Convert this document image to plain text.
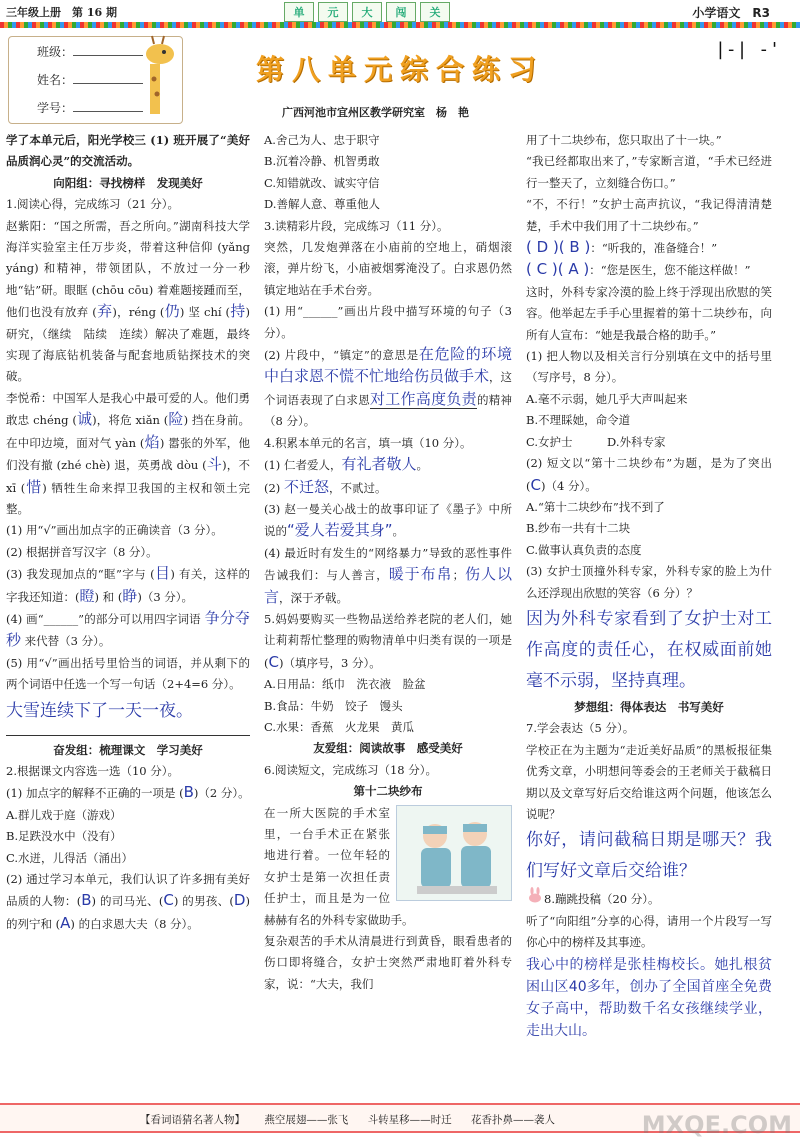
三年级上册　第 16 期	单	元	大	闯	关	小学语文　R3
班级：
姓名：
学号：
第八单元综合练习
广西河池市宜州区教学研究室　杨　艳
|-| -'

学了本单元后，阳光学校三 (1) 班开展了“美好品质润心灵”的交流活动。

向阳组：寻找榜样　发现美好

1.阅读心得，完成练习（21 分）。

赵紫阳：“国之所需，吾之所向。”湖南科技大学海洋实验室主任万步炎，带着这种信仰 (yǎng yáng) 和精神，带领团队，不放过一分一秒地“钻”研。眼眶 (chōu cōu) 着难题接踵而至，他们也没有放弃 (弃)，réng (仍) 坚 chí (持) 研究，（继续　陆续　连续）解决了难题，最终实现了海底钻机装备与配套地质钻探技术的突破。

李悦希：中国军人是我心中最可爱的人。他们勇敢忠 chéng (诚)，将危 xiǎn (险) 挡在身前。在中印边境，面对气 yàn (焰) 嚣张的外军，他们没有撤 (zhé chè) 退，英勇战 dòu (斗)，不 xī (惜) 牺牲生命来捍卫我国的主权和领土完整。

(1) 用“√”画出加点字的正确读音（3 分）。

(2) 根据拼音写汉字（8 分）。

(3) 我发现加点的“眶”字与 (目) 有关，这样的字我还知道：(瞪) 和 (睁)（3 分）。

(4) 画“______”的部分可以用四字词语 争分夺秒 来代替（3 分）。

(5) 用“√”画出括号里恰当的词语，并从剩下的两个词语中任选一个写一句话（2+4=6 分）。

大雪连续下了一天一夜。

奋发组：梳理课文　学习美好

2.根据课文内容选一选（10 分）。

(1) 加点字的解释不正确的一项是 (B)（2 分）。

A.群儿戏于庭（游戏）

B.足跌没水中（没有）

C.水迸，儿得活（涌出）

(2) 通过学习本单元，我们认识了许多拥有美好品质的人物：(B) 的司马光、(C) 的男孩、(D) 的列宁和 (A) 的白求恩大夫（8 分）。

A.舍己为人、忠于职守

B.沉着冷静、机智勇敢

C.知错就改、诚实守信

D.善解人意、尊重他人

3.读精彩片段，完成练习（11 分）。

突然，几发炮弹落在小庙前的空地上，硝烟滚滚，弹片纷飞，小庙被烟雾淹没了。白求恩仍然镇定地站在手术台旁。

(1) 用“______”画出片段中描写环境的句子（3 分）。

(2) 片段中，“镇定”的意思是在危险的环境中白求恩不慌不忙地给伤员做手术，这个词语表现了白求恩对工作高度负责的精神（8 分）。

4.积累本单元的名言，填一填（10 分）。

(1) 仁者爱人，有礼者敬人。

(2) 不迁怒，不贰过。

(3) 赵一曼关心战士的故事印证了《墨子》中所说的“爱人若爱其身”。

(4) 最近时有发生的“网络暴力”导致的恶性事件告诫我们：与人善言，暖于布帛；伤人以言，深于矛戟。

5.妈妈要购买一些物品送给养老院的老人们，她让莉莉帮忙整理的购物清单中归类有误的一项是 (C)（填序号，3 分）。

A.日用品：纸巾　洗衣液　脸盆

B.食品：牛奶　饺子　馒头

C.水果：香蕉　火龙果　黄瓜

友爱组：阅读故事　感受美好

6.阅读短文，完成练习（18 分）。

第十二块纱布

在一所大医院的手术室里，一台手术正在紧张地进行着。一位年轻的女护士是第一次担任责任护士，而且是为一位赫赫有名的外科专家做助手。

复杂艰苦的手术从清晨进行到黄昏，眼看患者的伤口即将缝合，女护士突然严肃地盯着外科专家，说：“大夫，我们

用了十二块纱布，您只取出了十一块。”

“我已经都取出来了，”专家断言道，“手术已经进行一整天了，立刻缝合伤口。”

“不，不行！”女护士高声抗议，“我记得清清楚楚，手术中我们用了十二块纱布。”

( D )( B )：“听我的，准备缝合！”

( C )( A )：“您是医生，您不能这样做！”

这时，外科专家冷漠的脸上终于浮现出欣慰的笑容。他举起左手手心里握着的第十二块纱布，向所有人宣布：“她是我最合格的助手。”

(1) 把人物以及相关言行分别填在文中的括号里（写序号，8 分）。

A.毫不示弱，她几乎大声叫起来

B.不理睬她，命令道

C.女护士　　　D.外科专家

(2) 短文以“第十二块纱布”为题，是为了突出 (C)（4 分）。

A.“第十二块纱布”找不到了

B.纱布一共有十二块

C.做事认真负责的态度

(3) 女护士顶撞外科专家，外科专家的脸上为什么还浮现出欣慰的笑容（6 分）？

因为外科专家看到了女护士对工作高度的责任心，在权威面前她毫不示弱，坚持真理。

梦想组：得体表达　书写美好

7.学会表达（5 分）。

学校正在为主题为“走近美好品质”的黑板报征集优秀文章，小明想问等委会的王老师关于截稿日期以及文章写好后交给谁这两个问题，他该怎么说呢？

你好，请问截稿日期是哪天？我们写好文章后交给谁？

8.蹦跳投稿（20 分）。

听了“向阳组”分享的心得，请用一个片段写一写你心中的榜样及其事迹。

我心中的榜样是张桂梅校长。她扎根贫困山区40多年，创办了全国首座全免费女子高中，帮助数千名女孩继续学业，走出大山。

【看词语猜名著人物】 燕空展翅——张飞 斗转星移——时迁 花香扑鼻——袭人	MXQE.COM
